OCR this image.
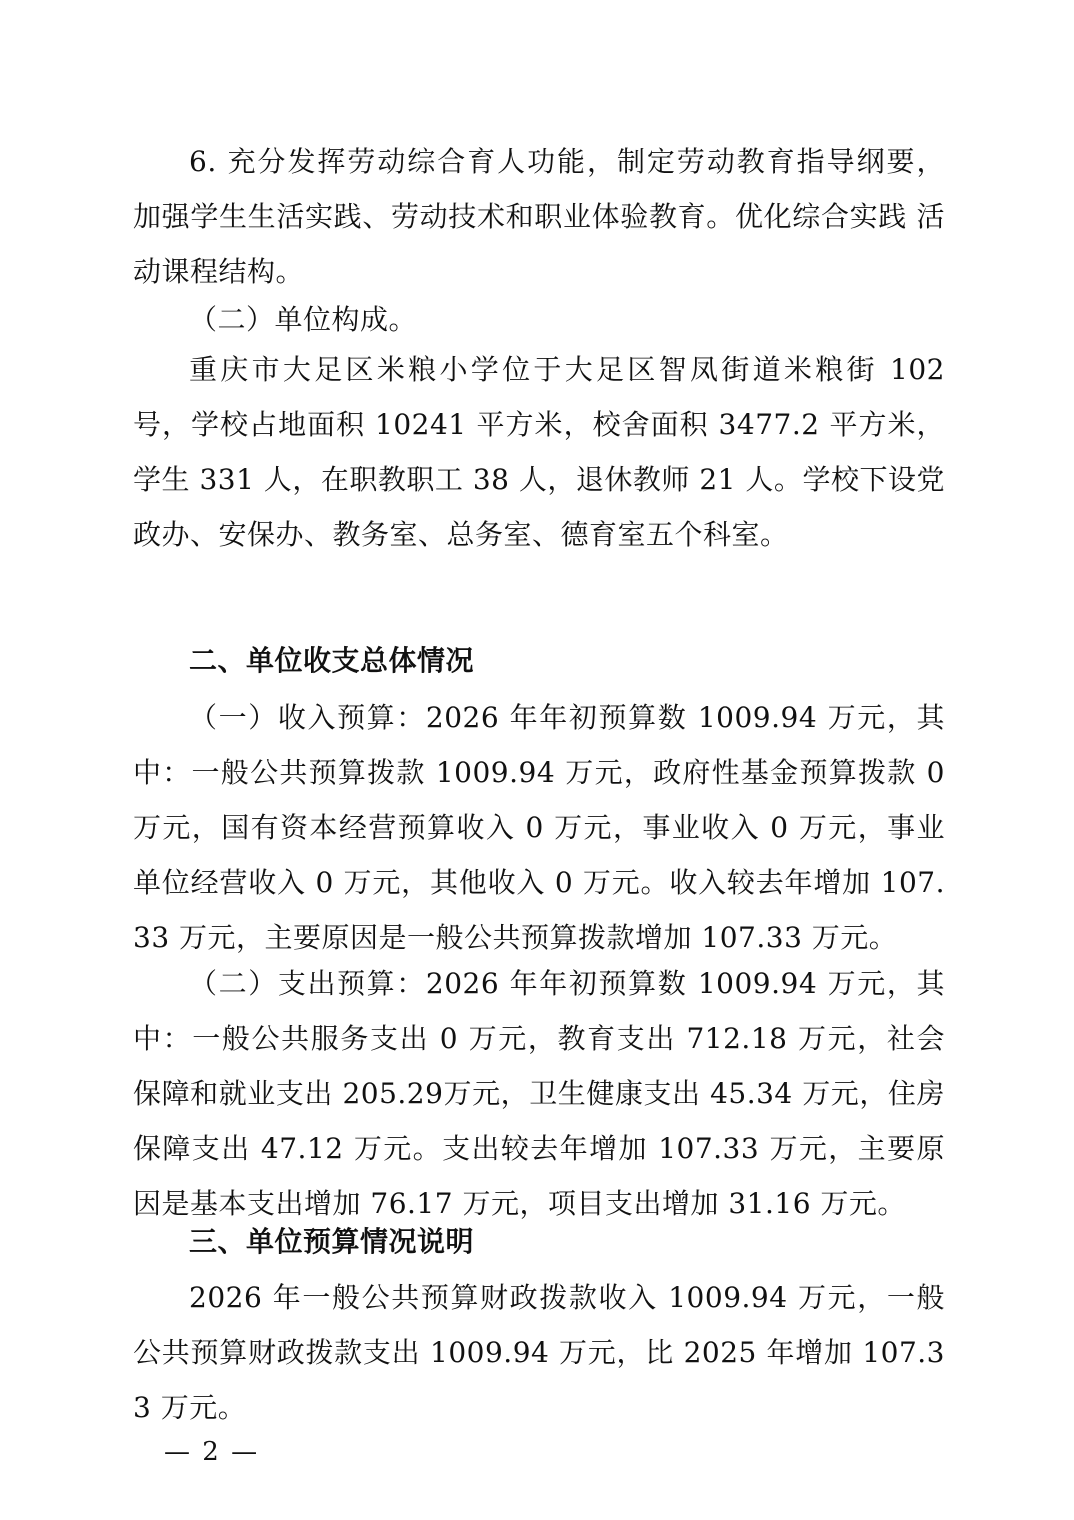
6. 充分发挥劳动综合育人功能，制定劳动教育指导纲要， 加强学生生活实践、劳动技术和职业体验教育。优化综合实践 活动课程结构。

（二）单位构成。

重庆市大足区米粮小学位于大足区智凤街道米粮街 102 号，学校占地面积 10241 平方米，校舍面积 3477.2 平方米，学生 331 人，在职教职工 38 人，退休教师 21 人。学校下设党政办、安保办、教务室、总务室、德育室五个科室。

二、单位收支总体情况

（一）收入预算：2026 年年初预算数 1009.94 万元，其中：一般公共预算拨款 1009.94 万元，政府性基金预算拨款 0 万元，国有资本经营预算收入 0 万元，事业收入 0 万元，事业单位经营收入 0 万元，其他收入 0 万元。收入较去年增加 107.33 万元，主要原因是一般公共预算拨款增加 107.33 万元。

（二）支出预算：2026 年年初预算数 1009.94 万元，其中：一般公共服务支出 0 万元，教育支出 712.18 万元，社会保障和就业支出 205.29万元，卫生健康支出 45.34 万元，住房保障支出 47.12 万元。支出较去年增加 107.33 万元，主要原因是基本支出增加 76.17 万元，项目支出增加 31.16 万元。

三、单位预算情况说明

2026 年一般公共预算财政拨款收入 1009.94 万元，一般公共预算财政拨款支出 1009.94 万元，比 2025 年增加 107.33 万元。

— 2 —
